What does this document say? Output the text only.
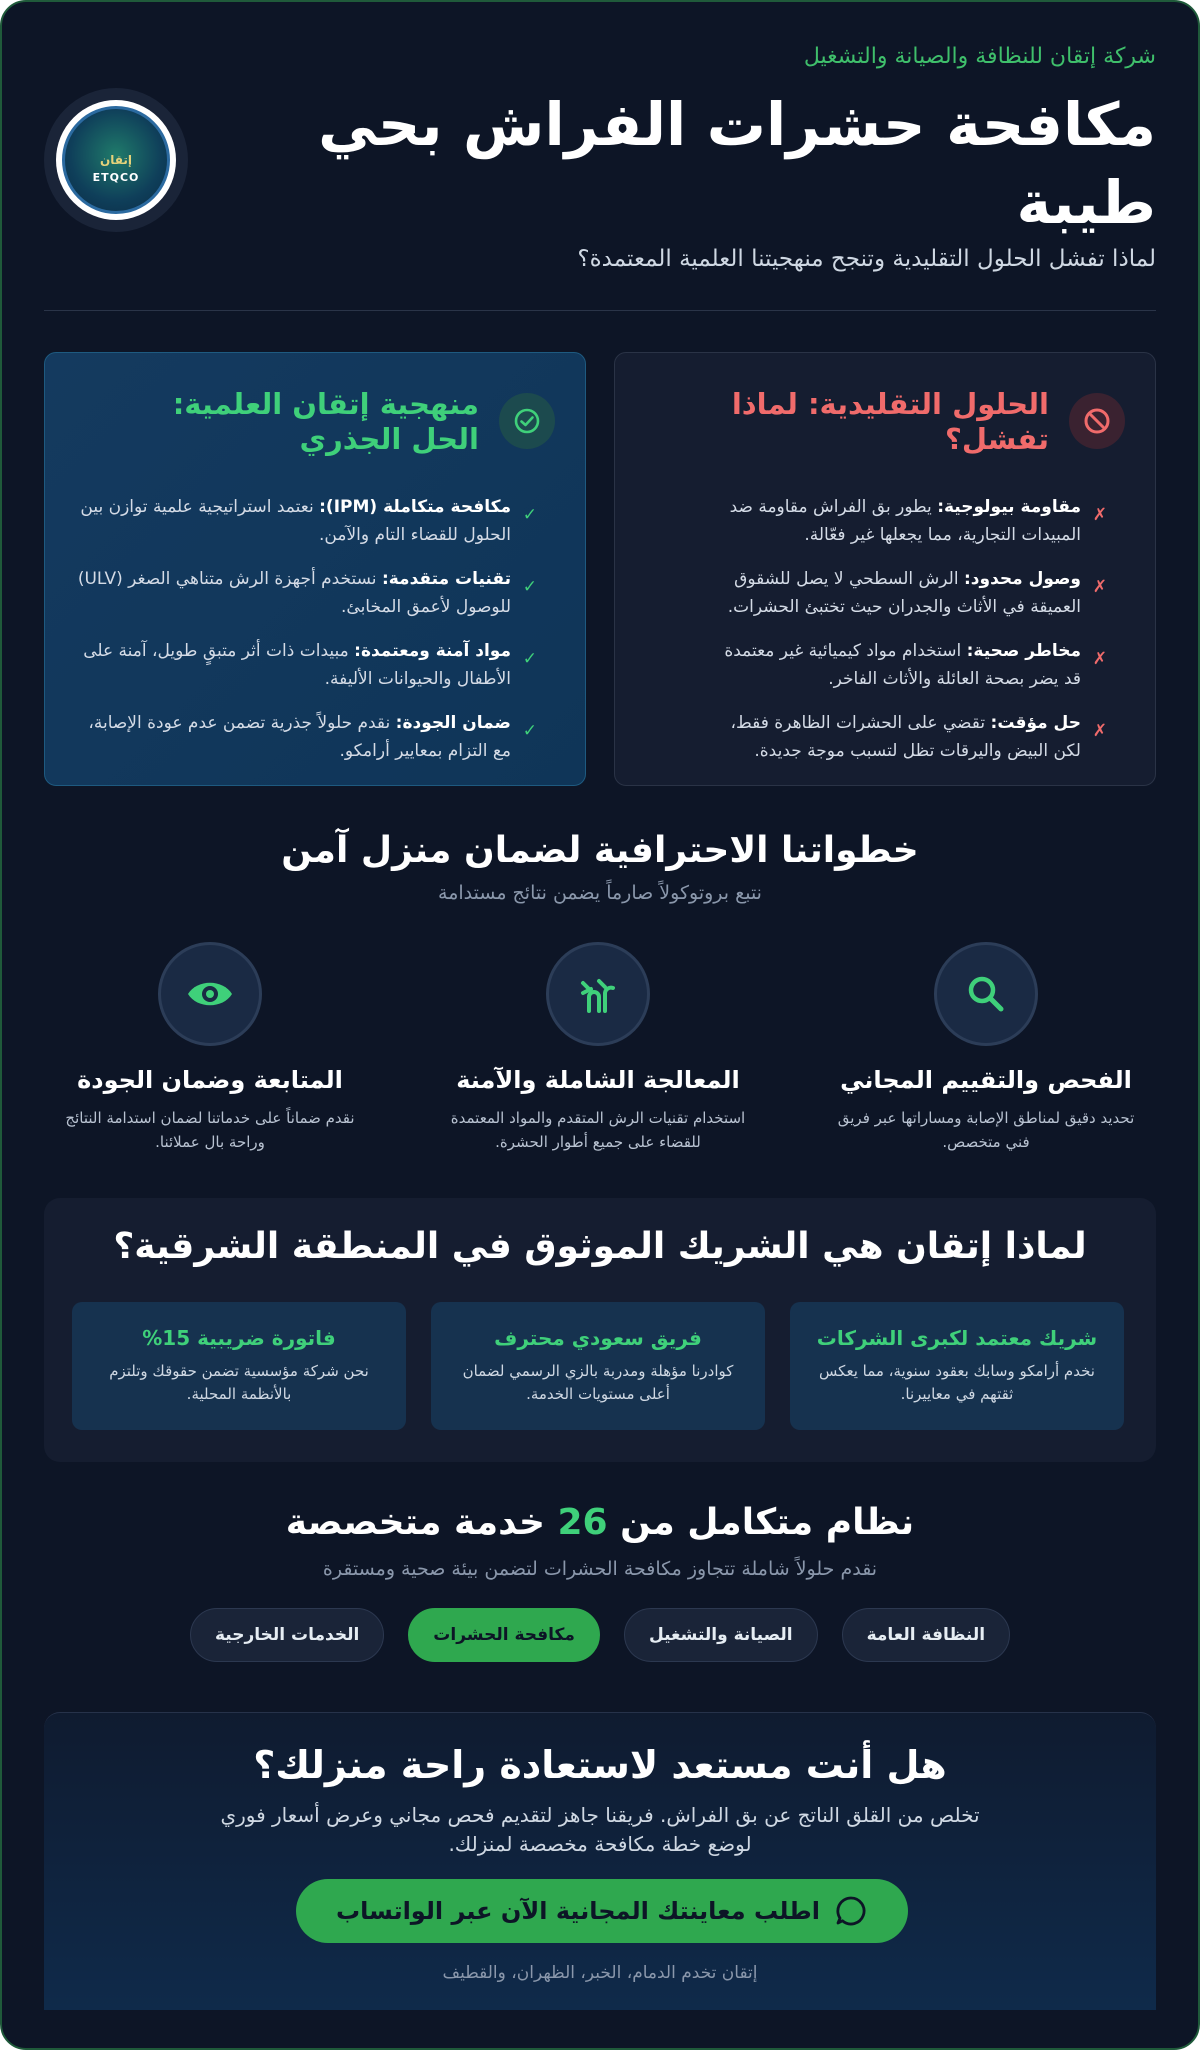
شركة إتقان للنظافة والصيانة والتشغيل
مكافحة حشرات الفراش بحي طيبة
لماذا تفشل الحلول التقليدية وتنجح منهجيتنا العلمية المعتمدة؟
إتقان
ETQCO
الحلول التقليدية: لماذا تفشل؟
✗
مقاومة بيولوجية: يطور بق الفراش مقاومة ضد المبيدات التجارية، مما يجعلها غير فعّالة.
✗
وصول محدود: الرش السطحي لا يصل للشقوق العميقة في الأثاث والجدران حيث تختبئ الحشرات.
✗
مخاطر صحية: استخدام مواد كيميائية غير معتمدة قد يضر بصحة العائلة والأثاث الفاخر.
✗
حل مؤقت: تقضي على الحشرات الظاهرة فقط، لكن البيض واليرقات تظل لتسبب موجة جديدة.
منهجية إتقان العلمية: الحل الجذري
✓
مكافحة متكاملة (IPM): نعتمد استراتيجية علمية توازن بين الحلول للقضاء التام والآمن.
✓
تقنيات متقدمة: نستخدم أجهزة الرش متناهي الصغر (ULV) للوصول لأعمق المخابئ.
✓
مواد آمنة ومعتمدة: مبيدات ذات أثر متبقٍ طويل، آمنة على الأطفال والحيوانات الأليفة.
✓
ضمان الجودة: نقدم حلولاً جذرية تضمن عدم عودة الإصابة، مع التزام بمعايير أرامكو.
خطواتنا الاحترافية لضمان منزل آمن
نتبع بروتوكولاً صارماً يضمن نتائج مستدامة
الفحص والتقييم المجاني
تحديد دقيق لمناطق الإصابة ومساراتها عبر فريق فني متخصص.
المعالجة الشاملة والآمنة
استخدام تقنيات الرش المتقدم والمواد المعتمدة للقضاء على جميع أطوار الحشرة.
المتابعة وضمان الجودة
نقدم ضماناً على خدماتنا لضمان استدامة النتائج وراحة بال عملائنا.
لماذا إتقان هي الشريك الموثوق في المنطقة الشرقية؟
شريك معتمد لكبرى الشركات

نخدم أرامكو وسابك بعقود سنوية، مما يعكس ثقتهم في معاييرنا.

فريق سعودي محترف

كوادرنا مؤهلة ومدربة بالزي الرسمي لضمان أعلى مستويات الخدمة.

فاتورة ضريبية 15%

نحن شركة مؤسسية تضمن حقوقك وتلتزم بالأنظمة المحلية.

نظام متكامل من 26 خدمة متخصصة
نقدم حلولاً شاملة تتجاوز مكافحة الحشرات لتضمن بيئة صحية ومستقرة
النظافة العامة
الصيانة والتشغيل
مكافحة الحشرات
الخدمات الخارجية
هل أنت مستعد لاستعادة راحة منزلك؟

تخلص من القلق الناتج عن بق الفراش. فريقنا جاهز لتقديم فحص مجاني وعرض أسعار فوري لوضع خطة مكافحة مخصصة لمنزلك.

اطلب معاينتك المجانية الآن عبر الواتساب
إتقان تخدم الدمام، الخبر، الظهران، والقطيف
